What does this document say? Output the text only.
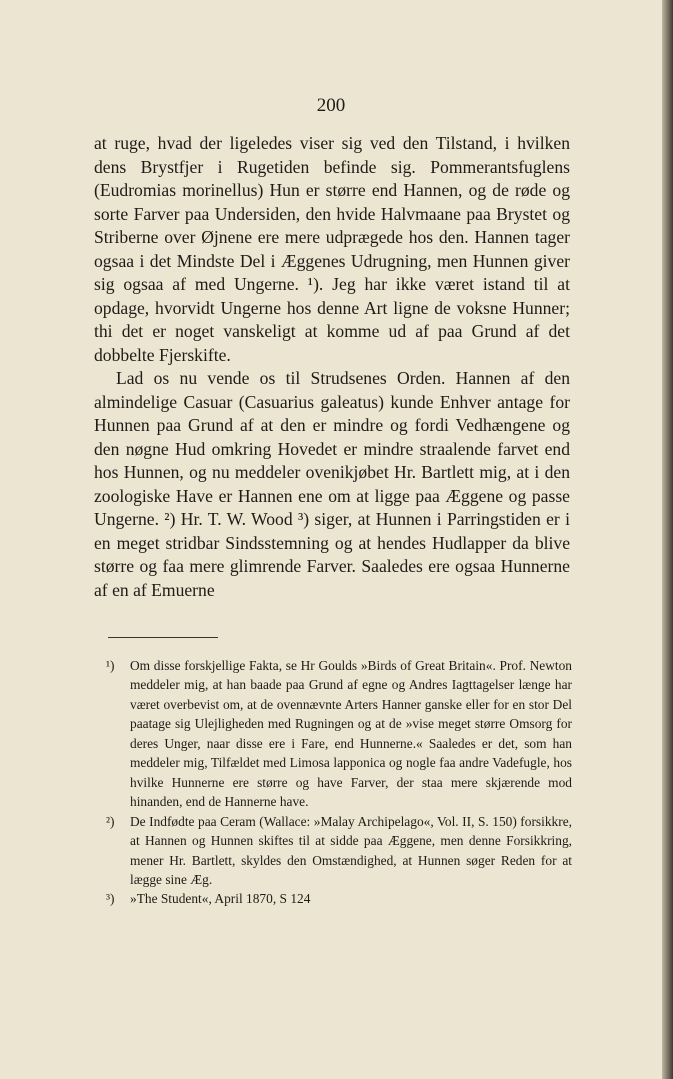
200

at ruge, hvad der ligeledes viser sig ved den Tilstand, i hvilken dens Brystfjer i Rugetiden befinde sig. Pommerantsfuglens (Eudromias morinellus) Hun er større end Hannen, og de røde og sorte Farver paa Undersiden, den hvide Halvmaane paa Brystet og Striberne over Øjnene ere mere udprægede hos den. Hannen tager ogsaa i det Mindste Del i Æggenes Udrugning, men Hunnen giver sig ogsaa af med Ungerne. ¹). Jeg har ikke været istand til at opdage, hvorvidt Ungerne hos denne Art ligne de voksne Hunner; thi det er noget vanskeligt at komme ud af paa Grund af det dobbelte Fjerskifte.

Lad os nu vende os til Strudsenes Orden. Hannen af den almindelige Casuar (Casuarius galeatus) kunde Enhver antage for Hunnen paa Grund af at den er mindre og fordi Vedhængene og den nøgne Hud omkring Hovedet er mindre straalende farvet end hos Hunnen, og nu meddeler ovenikjøbet Hr. Bartlett mig, at i den zoologiske Have er Hannen ene om at ligge paa Æggene og passe Ungerne. ²) Hr. T. W. Wood ³) siger, at Hunnen i Parringstiden er i en meget stridbar Sindsstemning og at hendes Hudlapper da blive større og faa mere glimrende Farver. Saaledes ere ogsaa Hunnerne af en af Emuerne

¹) Om disse forskjellige Fakta, se Hr Goulds »Birds of Great Britain«. Prof. Newton meddeler mig, at han baade paa Grund af egne og Andres Iagttagelser længe har været overbevist om, at de ovennævnte Arters Hanner ganske eller for en stor Del paatage sig Ulejligheden med Rugningen og at de »vise meget større Omsorg for deres Unger, naar disse ere i Fare, end Hunnerne.« Saaledes er det, som han meddeler mig, Tilfældet med Limosa lapponica og nogle faa andre Vadefugle, hos hvilke Hunnerne ere større og have Farver, der staa mere skjærende mod hinanden, end de Hannerne have.
²) De Indfødte paa Ceram (Wallace: »Malay Archipelago«, Vol. II, S. 150) forsikkre, at Hannen og Hunnen skiftes til at sidde paa Æggene, men denne Forsikkring, mener Hr. Bartlett, skyldes den Omstændighed, at Hunnen søger Reden for at lægge sine Æg.
³) »The Student«, April 1870, S 124
